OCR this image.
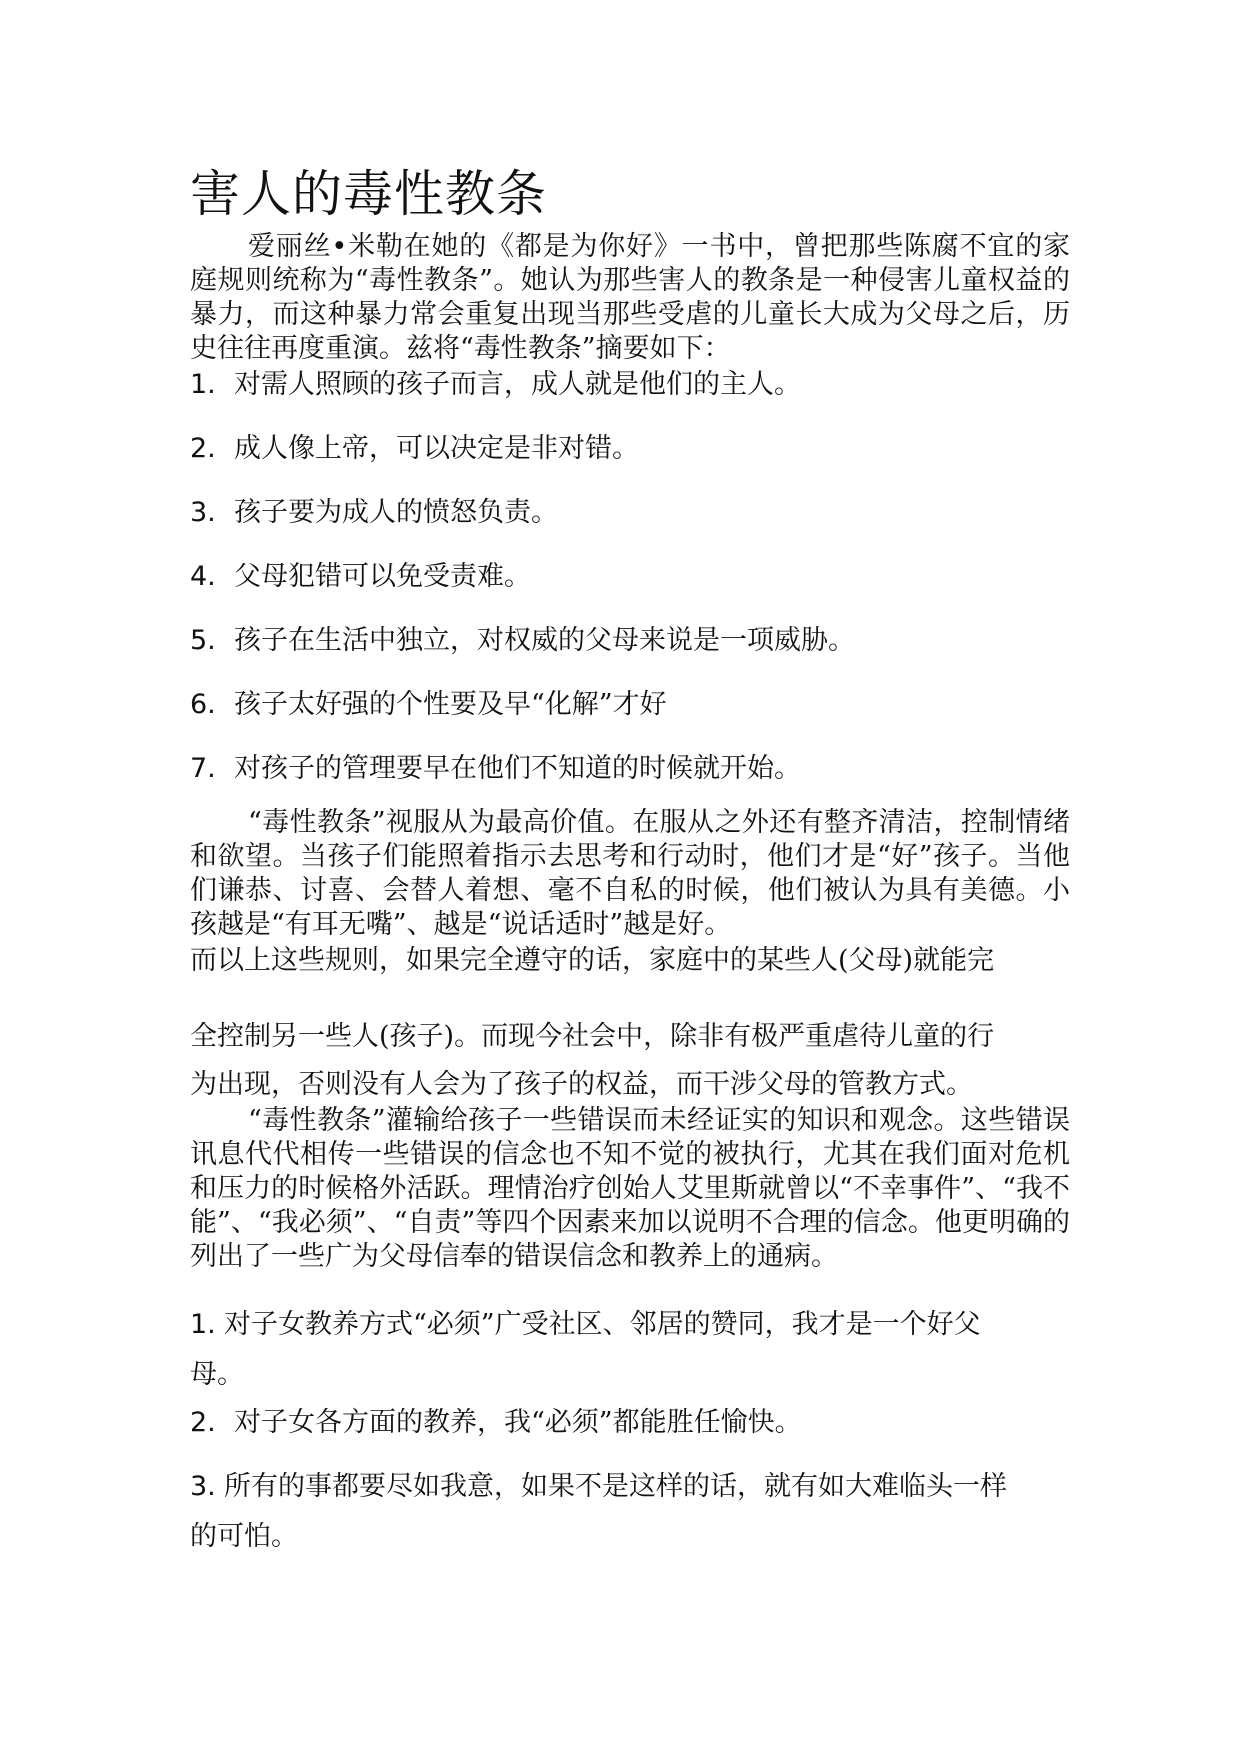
害人的毒性教条

爱丽丝•米勒在她的《都是为你好》一书中，曾把那些陈腐不宜的家庭规则统称为“毒性教条”。她认为那些害人的教条是一种侵害儿童权益的暴力，而这种暴力常会重复出现当那些受虐的儿童长大成为父母之后，历史往往再度重演。兹将“毒性教条”摘要如下：

1. 对需人照顾的孩子而言，成人就是他们的主人。
2. 成人像上帝，可以决定是非对错。
3. 孩子要为成人的愤怒负责。
4. 父母犯错可以免受责难。
5. 孩子在生活中独立，对权威的父母来说是一项威胁。
6. 孩子太好强的个性要及早“化解”才好
7. 对孩子的管理要早在他们不知道的时候就开始。

“毒性教条”视服从为最高价值。在服从之外还有整齐清洁，控制情绪和欲望。当孩子们能照着指示去思考和行动时，他们才是“好”孩子。当他们谦恭、讨喜、会替人着想、毫不自私的时候，他们被认为具有美德。小孩越是“有耳无嘴”、越是“说话适时”越是好。

而以上这些规则，如果完全遵守的话，家庭中的某些人(父母)就能完
全控制另一些人(孩子)。而现今社会中，除非有极严重虐待儿童的行
为出现，否则没有人会为了孩子的权益，而干涉父母的管教方式。

“毒性教条”灌输给孩子一些错误而未经证实的知识和观念。这些错误讯息代代相传一些错误的信念也不知不觉的被执行，尤其在我们面对危机和压力的时候格外活跃。理情治疗创始人艾里斯就曾以“不幸事件”、“我不能”、“我必须”、“自责”等四个因素来加以说明不合理的信念。他更明确的列出了一些广为父母信奉的错误信念和教养上的通病。

1. 对子女教养方式“必须”广受社区、邻居的赞同，我才是一个好父
母。
2. 对子女各方面的教养，我“必须”都能胜任愉快。
3. 所有的事都要尽如我意，如果不是这样的话，就有如大难临头一样
的可怕。
